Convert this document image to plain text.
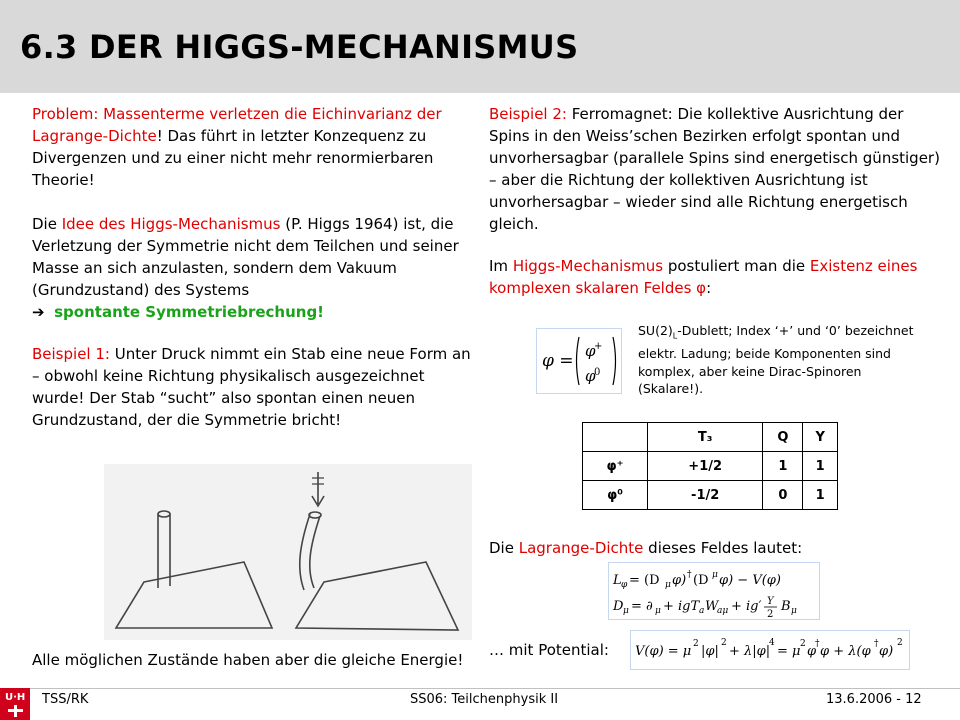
6.3 DER HIGGS-MECHANISMUS

Problem: Massenterme verletzen die Eichinvarianz der Lagrange-Dichte! Das führt in letzter Konzequenz zu Divergenzen und zu einer nicht mehr renormierbaren Theorie!

Die Idee des Higgs-Mechanismus (P. Higgs 1964) ist, die Verletzung der Symmetrie nicht dem Teilchen und seiner Masse an sich anzulasten, sondern dem Vakuum (Grundzustand) des Systems
➔ spontante Symmetriebrechung!

Beispiel 1: Unter Druck nimmt ein Stab eine neue Form an – obwohl keine Richtung physikalisch ausgezeichnet wurde! Der Stab “sucht” also spontan einen neuen Grundzustand, der die Symmetrie bricht!

Alle möglichen Zustände haben aber die gleiche Energie!

Beispiel 2: Ferromagnet: Die kollektive Ausrichtung der Spins in den Weiss’schen Bezirken erfolgt spontan und unvorhersagbar (parallele Spins sind energetisch günstiger) – aber die Richtung der kollektiven Ausrichtung ist unvorhersagbar – wieder sind alle Richtung energetisch gleich.

Im Higgs-Mechanismus postuliert man die Existenz eines komplexen skalaren Feldes φ:

φ = φ
+
φ
0
$SU(2)_L$-Dublett; Index ‘+’ und ‘0’ bezeichnet elektr. Ladung; beide Komponenten sind komplex, aber keine Dirac-Spinoren (Skalare!).
	T₃	Q	Y
φ⁺	+1/2	1	1
φ⁰	-1/2	0	1
Die Lagrange-Dichte dieses Feldes lautet:
L φ = (D μ φ) † (D μ φ) − V(φ)
D μ = ∂ μ + igT a W
aμ + ig′ Y
2
B μ
… mit Potential:	V(φ) = μ 2 |φ|
2
+ λ|φ|
4
= μ 2 φ
† φ + λ(φ † φ)
2
U·H TSS/RK	SS06: Teilchenphysik II	13.6.2006 - 12
